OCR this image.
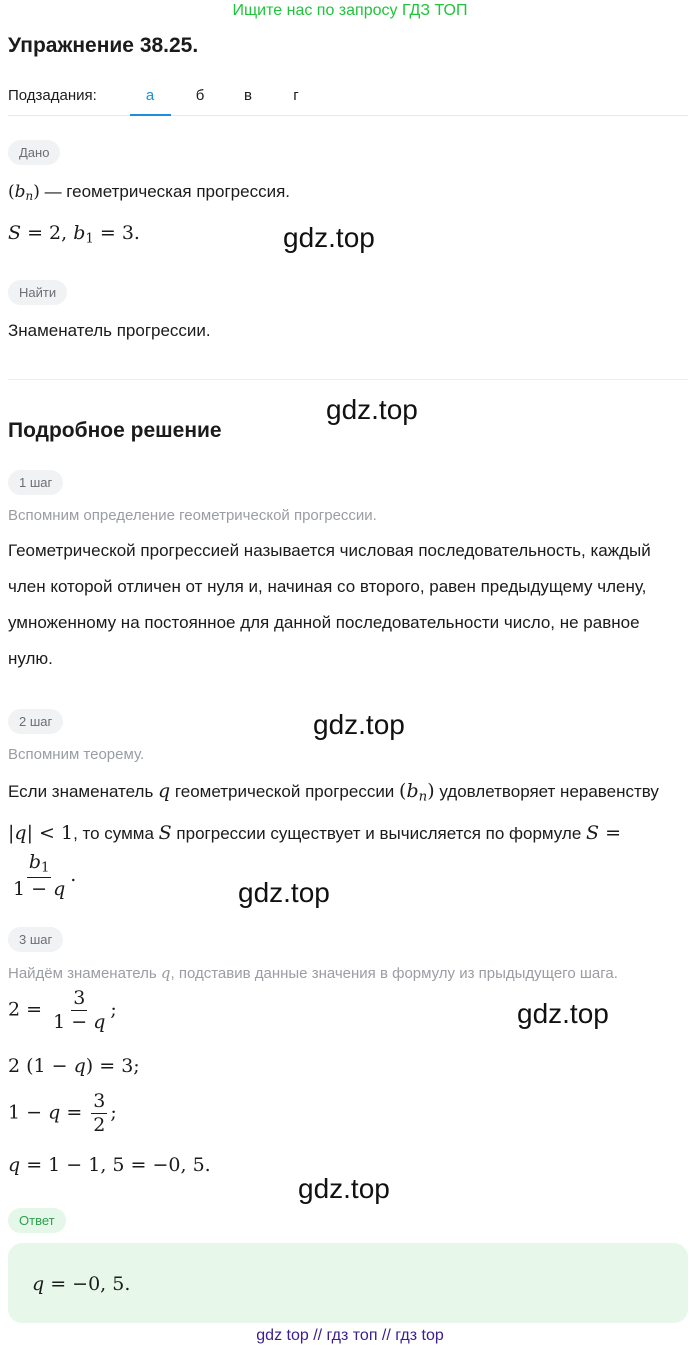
Ищите нас по запросу ГДЗ ТОП
Упражнение 38.25.
Подзадания:	а	б	в	г
Дано
$(b_n)$ — геометрическая прогрессия.
S = 2, $b_1 = 3$.	gdz.top
Найти
Знаменатель прогрессии.
gdz.top
Подробное решение
1 шаг
Вспомним определение геометрической прогрессии.
Геометрической прогрессией называется числовая последовательность, каждый член которой отличен от нуля и, начиная со второго, равен предыдущему члену, умноженному на постоянное для данной последовательности число, не равное нулю.
2 шаг	gdz.top
Вспомним теорему.
Если знаменатель q геометрической прогрессии $(b_n)$ удовлетворяет неравенству |q| < 1, то сумма S прогрессии существует и вычисляется по формуле S =
$\frac{b_1}{1 - q}$ .
gdz.top
3 шаг
Найдём знаменатель q, подставив данные значения в формулу из прыдыдущего шага.
$2 = \frac{3}{1 - q}$ ;	gdz.top
2 (1 − q) = 3;
$1 - q = \frac{3}{2}$ ;
q = 1 − 1, 5 = −0, 5.
gdz.top
Ответ
q = −0, 5.
gdz top // гдз топ // гдз top
